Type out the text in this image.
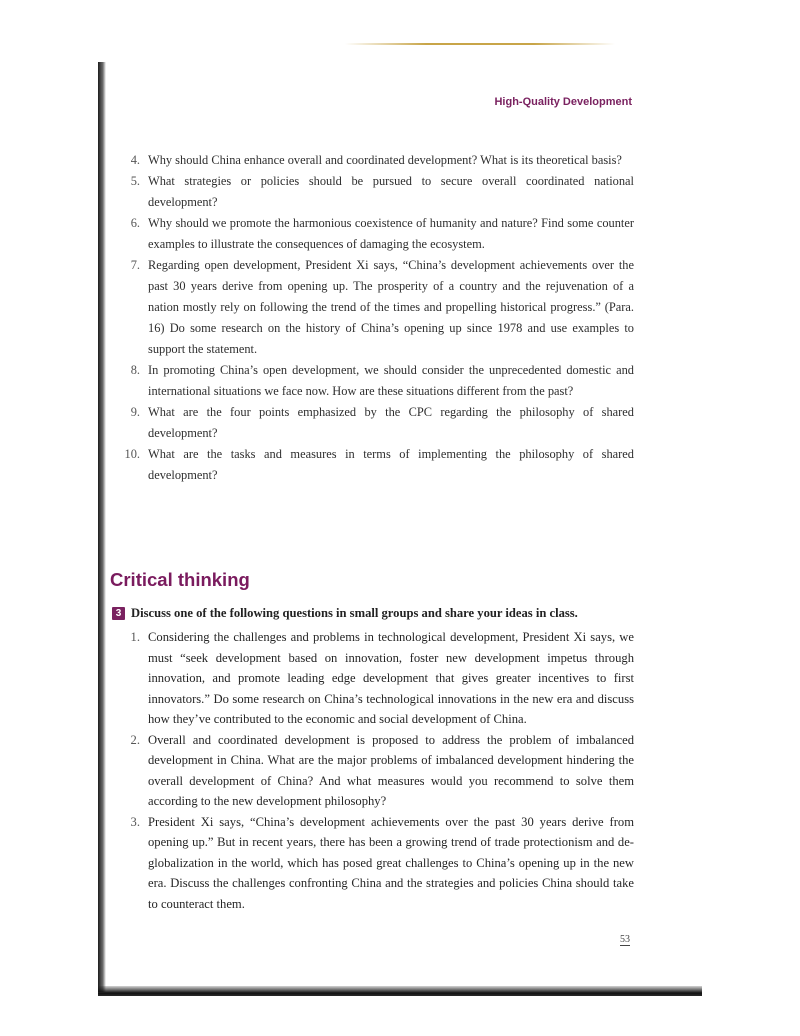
High-Quality Development
4. Why should China enhance overall and coordinated development? What is its theoretical basis?
5. What strategies or policies should be pursued to secure overall coordinated national development?
6. Why should we promote the harmonious coexistence of humanity and nature? Find some counter examples to illustrate the consequences of damaging the ecosystem.
7. Regarding open development, President Xi says, “China’s development achievements over the past 30 years derive from opening up. The prosperity of a country and the rejuvenation of a nation mostly rely on following the trend of the times and propelling historical progress.” (Para. 16) Do some research on the history of China’s opening up since 1978 and use examples to support the statement.
8. In promoting China’s open development, we should consider the unprecedented domestic and international situations we face now. How are these situations different from the past?
9. What are the four points emphasized by the CPC regarding the philosophy of shared development?
10. What are the tasks and measures in terms of implementing the philosophy of shared development?
Critical thinking
3 Discuss one of the following questions in small groups and share your ideas in class.
1. Considering the challenges and problems in technological development, President Xi says, we must “seek development based on innovation, foster new development impetus through innovation, and promote leading edge development that gives greater incentives to first innovators.” Do some research on China’s technological innovations in the new era and discuss how they’ve contributed to the economic and social development of China.
2. Overall and coordinated development is proposed to address the problem of imbalanced development in China. What are the major problems of imbalanced development hindering the overall development of China? And what measures would you recommend to solve them according to the new development philosophy?
3. President Xi says, “China’s development achievements over the past 30 years derive from opening up.” But in recent years, there has been a growing trend of trade protectionism and de-globalization in the world, which has posed great challenges to China’s opening up in the new era. Discuss the challenges confronting China and the strategies and policies China should take to counteract them.
53
